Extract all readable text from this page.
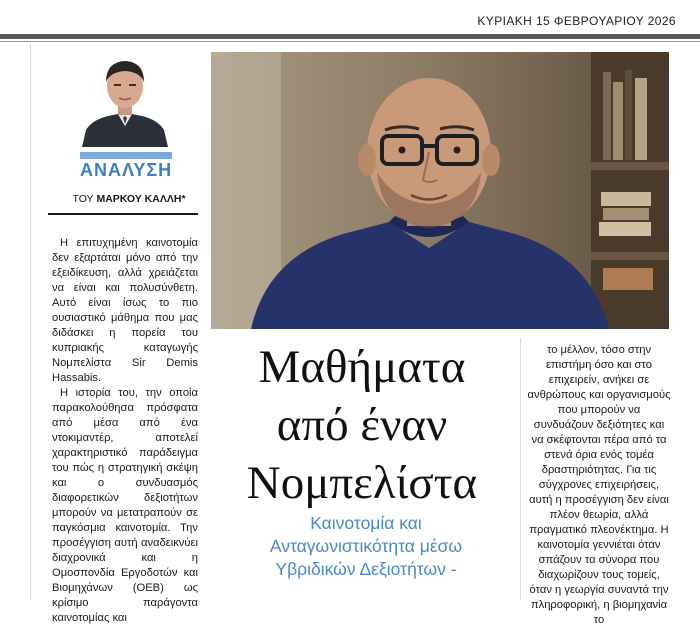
ΚΥΡΙΑΚΗ 15 ΦΕΒΡΟΥΑΡΙΟΥ 2026
ΑΝΑΛΥΣΗ
ΤΟΥ ΜΑΡΚΟΥ ΚΑΛΛΗ*

Η επιτυχημένη καινοτομία δεν εξαρτάται μόνο από την εξειδίκευση, αλλά χρειάζεται να είναι και πολυσύνθετη. Αυτό είναι ίσως το πιο ουσιαστικό μάθημα που μας διδάσκει η πορεία του κυπριακής καταγωγής Νομπελίστα Sir Demis Hassabis.

Η ιστορία του, την οποία παρακολούθησα πρόσφατα από μέσα από ένα ντοκιμαντέρ, αποτελεί χαρακτηριστικό παράδειγμα του πώς η στρατηγική σκέψη και ο συνδυασμός διαφορετικών δεξιοτήτων μπορούν να μετατραπούν σε παγκόσμια καινοτομία. Την προσέγγιση αυτή αναδεικνύει διαχρονικά και η Ομοσπονδία Εργοδοτών και Βιομηχάνων (ΟΕΒ) ως κρίσιμο παράγοντα καινοτομίας και

Μαθήματα
από έναν
Νομπελίστα
Καινοτομία και
Ανταγωνιστικότητα μέσω
Υβριδικών Δεξιοτήτων -
το μέλλον, τόσο στην επιστήμη όσο και στο επιχειρείν, ανήκει σε ανθρώπους και οργανισμούς που μπορούν να συνδυάζουν δεξιότητες και να σκέφτονται πέρα από τα στενά όρια ενός τομέα δραστηριότητας. Για τις σύγχρονες επιχειρήσεις, αυτή η προσέγγιση δεν είναι πλέον θεωρία, αλλά πραγματικό πλεονέκτημα. Η καινοτομία γεννιέται όταν σπάζουν τα σύνορα που διαχωρίζουν τους τομείς, όταν η γεωργία συναντά την πληροφορική, η βιομηχανία το
